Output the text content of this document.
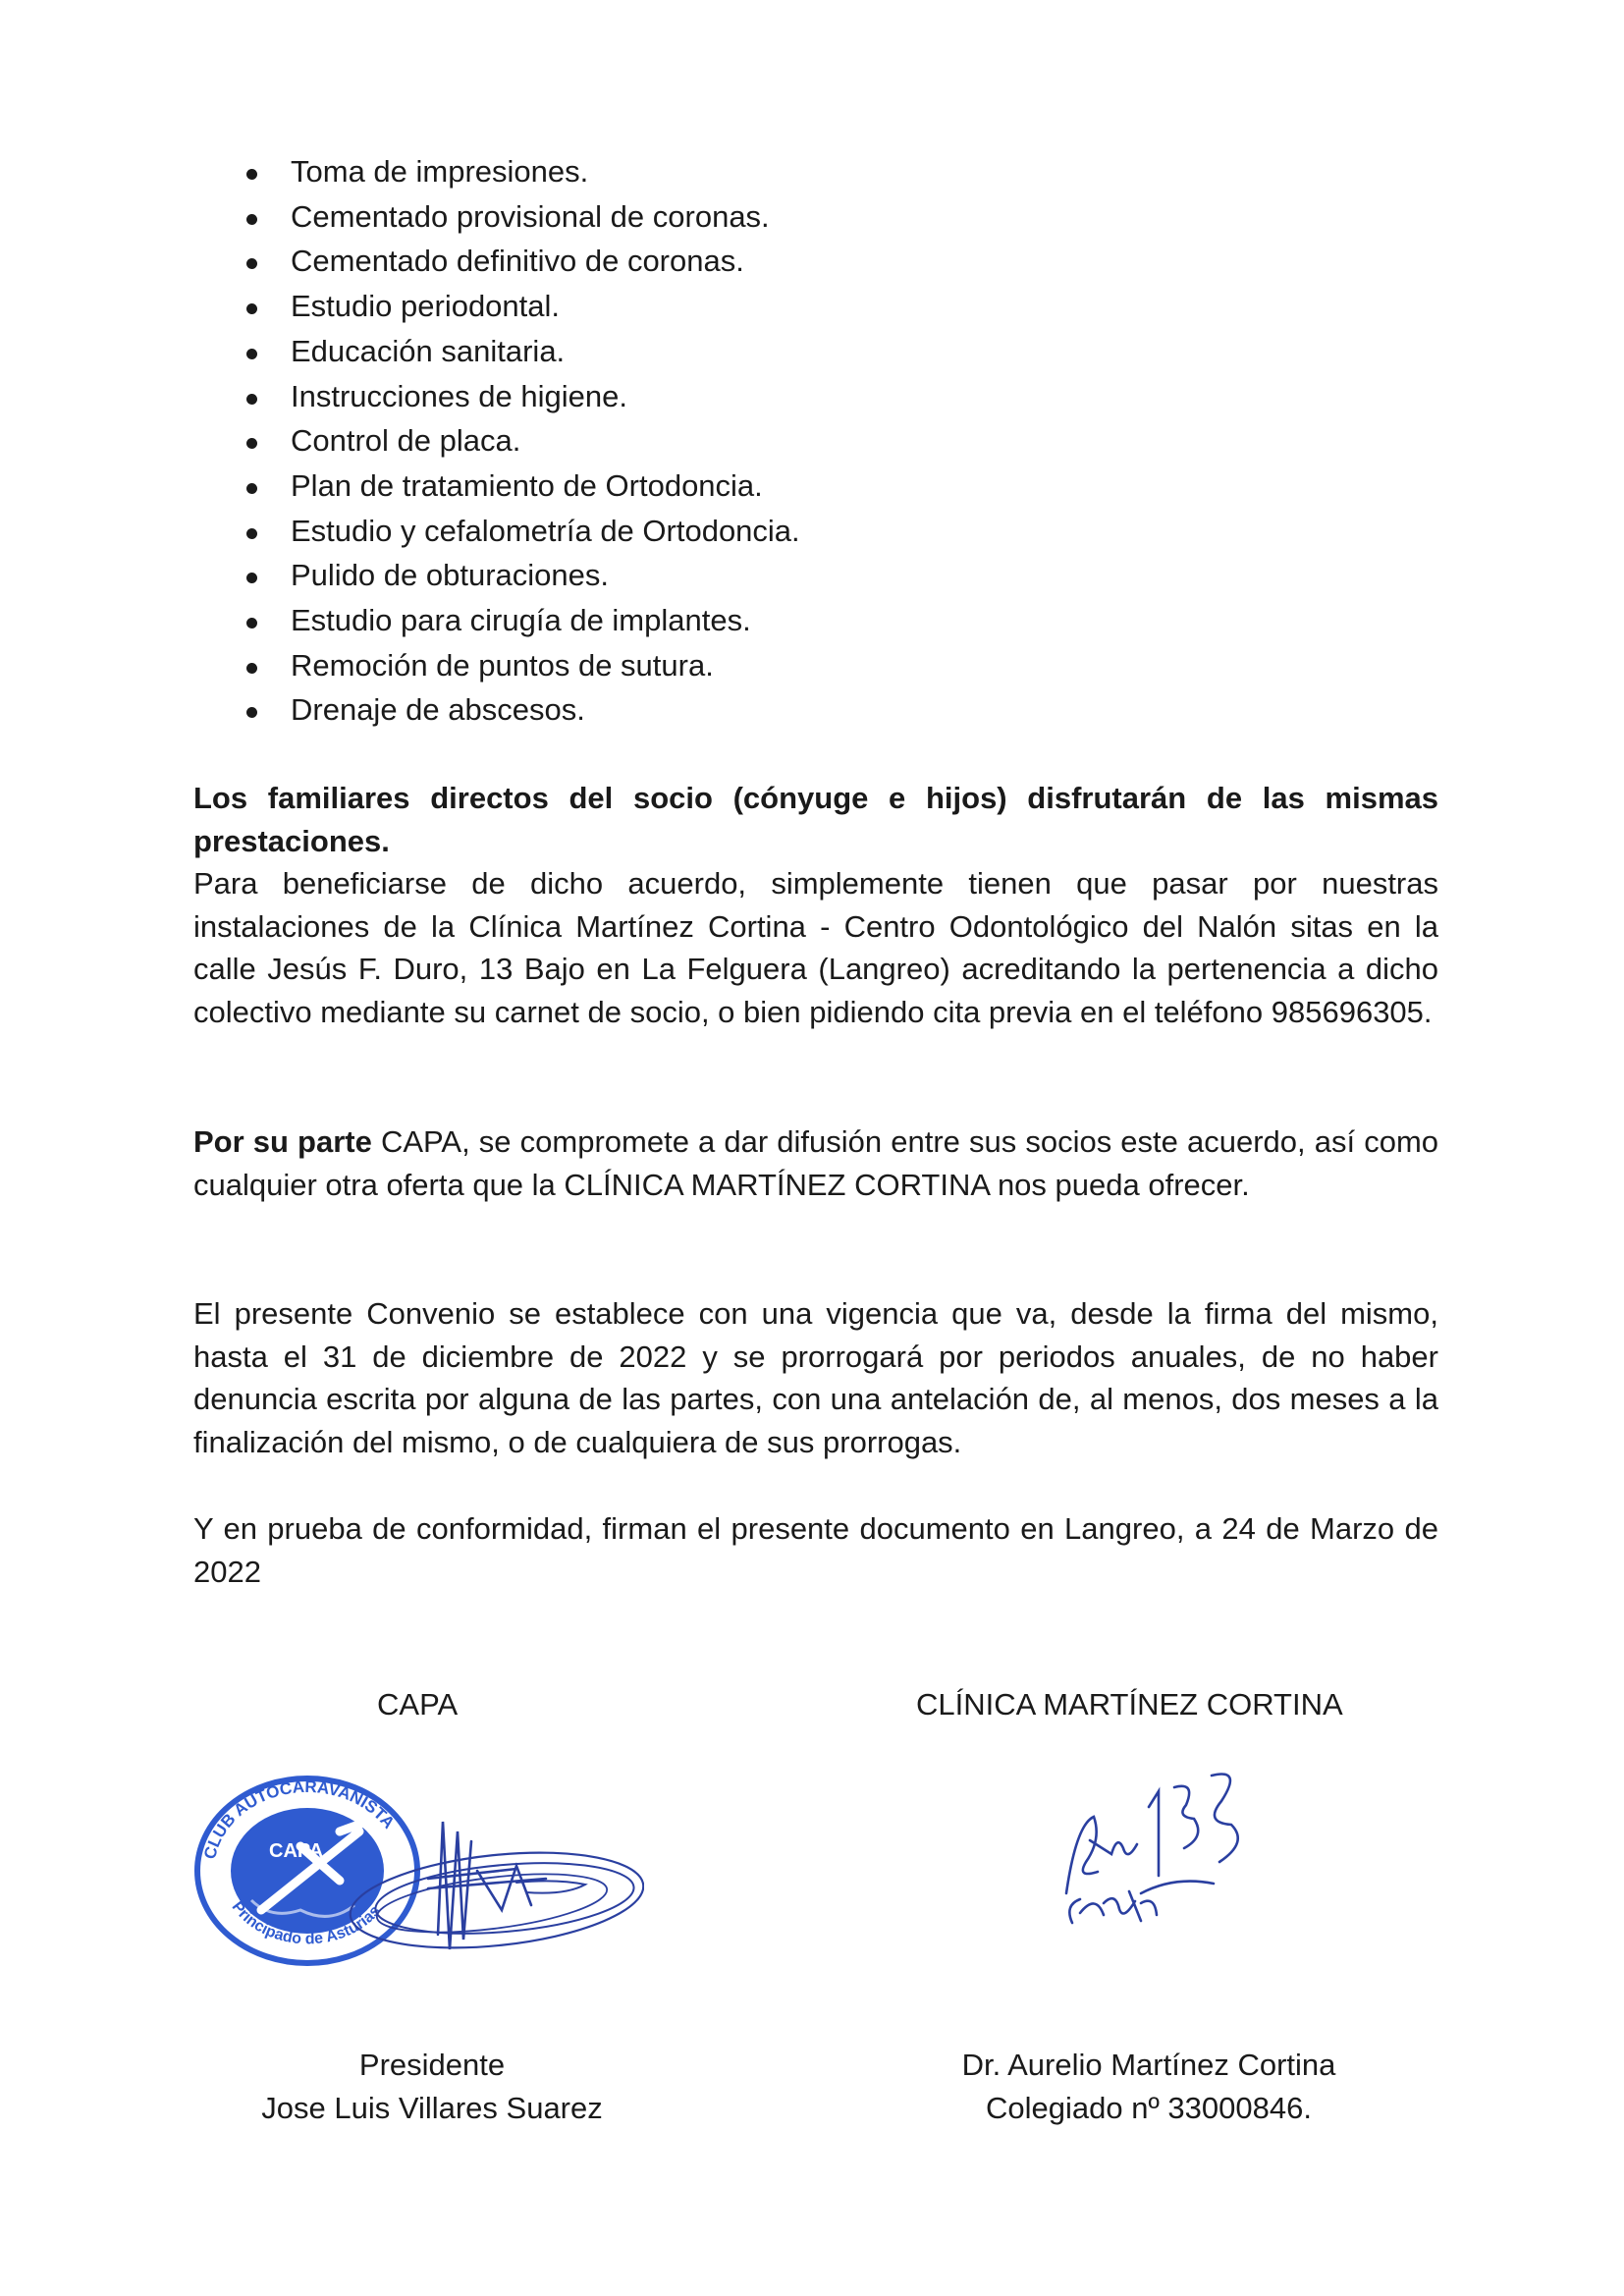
Toma de impresiones.
Cementado provisional de coronas.
Cementado definitivo de coronas.
Estudio periodontal.
Educación sanitaria.
Instrucciones de higiene.
Control de placa.
Plan de tratamiento de Ortodoncia.
Estudio y cefalometría de Ortodoncia.
Pulido de obturaciones.
Estudio para cirugía de implantes.
Remoción de puntos de sutura.
Drenaje de abscesos.

Los familiares directos del socio (cónyuge e hijos) disfrutarán de las mismas prestaciones.
Para beneficiarse de dicho acuerdo, simplemente tienen que pasar por nuestras instalaciones de la Clínica Martínez Cortina - Centro Odontológico del Nalón sitas en la calle Jesús F. Duro, 13 Bajo en La Felguera (Langreo) acreditando la pertenencia a dicho colectivo mediante su carnet de socio, o bien pidiendo cita previa en el teléfono 985696305.

Por su parte CAPA, se compromete a dar difusión entre sus socios este acuerdo, así como cualquier otra oferta que la CLÍNICA MARTÍNEZ CORTINA nos pueda ofrecer.

El presente Convenio se establece con una vigencia que va, desde la firma del mismo, hasta el 31 de diciembre de 2022 y se prorrogará por periodos anuales, de no haber denuncia escrita por alguna de las partes, con una antelación de, al menos, dos meses a la finalización del mismo, o de cualquiera de sus prorrogas.

Y en prueba de conformidad, firman el presente documento en Langreo, a 24 de Marzo de 2022

CAPA	CLÍNICA MARTÍNEZ CORTINA
CLUB AUTOCARAVANISTA
Principado de Asturias
CAPA
Presidente
Jose Luis Villares Suarez
Dr. Aurelio Martínez Cortina
Colegiado nº 33000846.
